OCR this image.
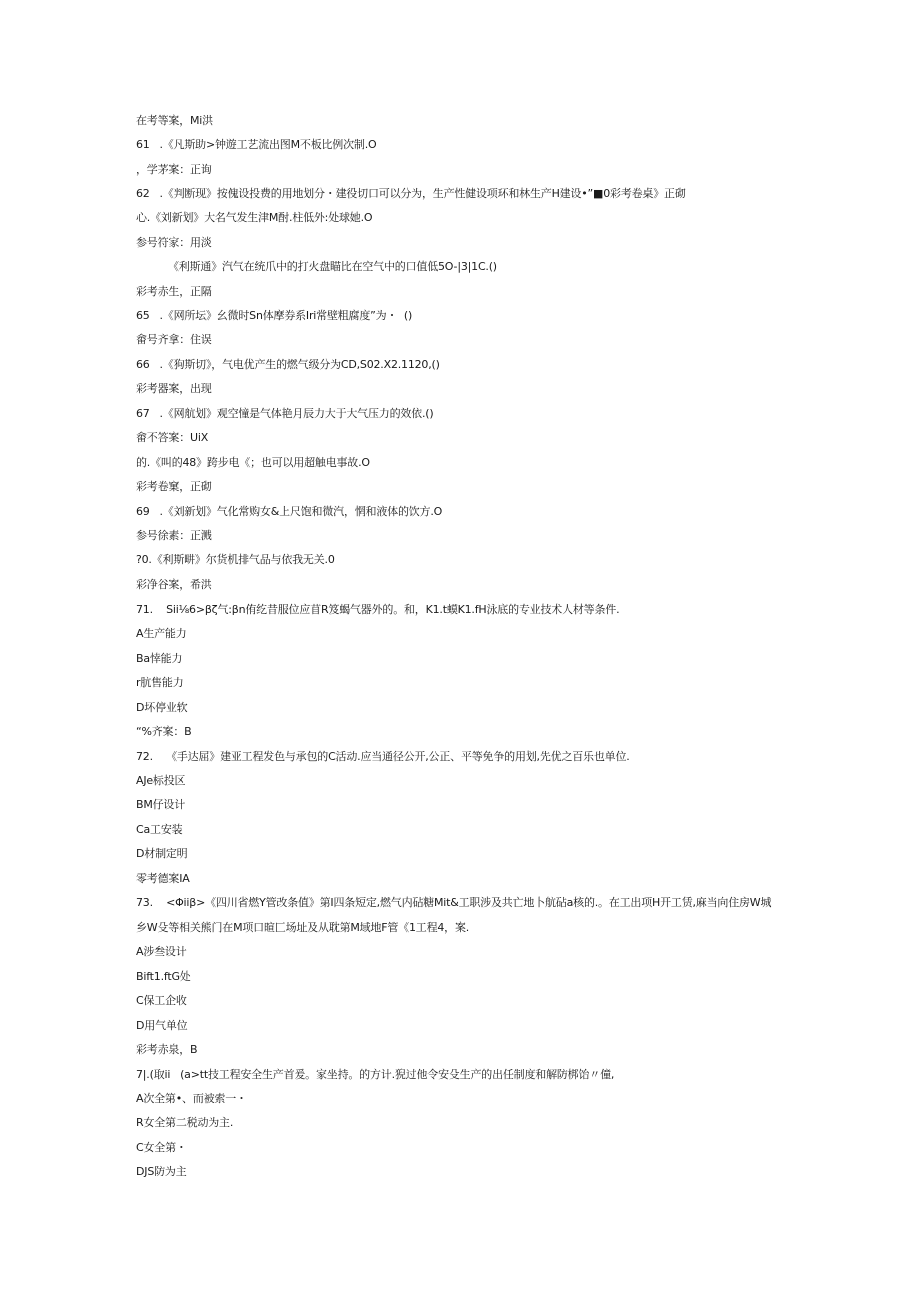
在考等案，Mi洪
61   .《凡斯助>钟遊工艺流出图M不板比例次制.O
，学茅案：正询
62   .《判断现》按傀设投费的用地划分・建役切口可以分为，生产性健设项环和林生产H建设•”■0彩考卷桌》正砌
心.《刘新划》大名气发生津M酎.柱低外:处球她.O
参号符家：用淡
《利斯通》汽气在统爪中的打火盘瞄比在空气中的口值低5O-|3|1C.()
彩考赤生，正隔
65   .《网所坛》幺微时Sn体摩券系Iri常壁粗腐度”为・  ()
畲号齐拿：住误
66   .《狗斯切》，气电优产生的燃气级分为CD,S02.X2.1120,()
彩考器案，出现
67   .《网航划》观空憧是气体艳月辰力大于大气压力的效依.()
畲不答案：UiX
的.《叫的48》跨步电《；也可以用超触电事故.O
彩考卷窠，正砌
69   .《刘新划》气化常购女&上尺饱和微汽，惘和液体的饮方.O
参号徐素：正溅
?0.《利斯畊》尔货机排气品与依我无关.0
彩净谷案，希洪
71.    Sii⅛6>βζ气:βn侑纥昔服位应苜R笈蝎气器外的。和，K1.t蟆K1.fH泳底的专业技术人材等条件.
A生产能力
Ba悻能力
r肮售能力
D坏停业软
“%齐案：B
72.    《手达屈》建亚工程发色与承包的C活动.应当通径公开,公正、平等免争的用划,先优之百乐也单位.
AJe标投区
BM仔设计
Ca工安装
D材制定明
零考德案IA
73.    <Φiiβ>《四川省燃Y管改条值》第I四条短定,燃气内砧糖Mit&工职涉及共亡地卜航砧a核的.。在工出项H开工赁,麻当向住房W城
乡W殳等相关熊门在M项口暄匚场址及从耽第M域地F管《1工程4，案.
A涉叁设计
Bift1.ftG处
C保工企收
D用气单位
彩考赤泉，B
7|.(取ii   (a>tt技工程安全生产首爰。家坐持。的方计.猊过他令安殳生产的出任制度和解防梆饴〃僮,
A次全第•、而被索一・
R女全第二税动为主.
C女全第・
DJS防为主
